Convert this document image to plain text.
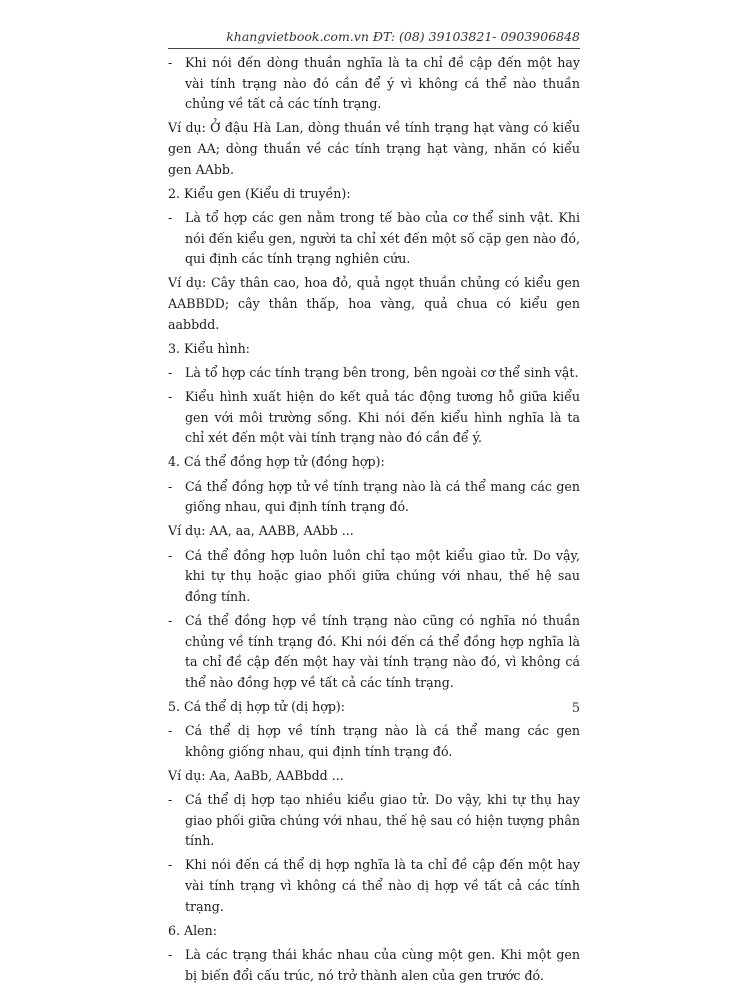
khangvietbook.com.vn ĐT: (08) 39103821- 0903906848
- Khi nói đến dòng thuần nghĩa là ta chỉ đề cập đến một hay vài tính trạng nào đó cần để ý vì không cá thể nào thuần chủng về tất cả các tính trạng.
Ví dụ: Ở đậu Hà Lan, dòng thuần về tính trạng hạt vàng có kiểu gen AA; dòng thuần về các tính trạng hạt vàng, nhăn có kiểu gen AAbb.
2. Kiểu gen (Kiểu di truyền):
- Là tổ hợp các gen nằm trong tế bào của cơ thể sinh vật. Khi nói đến kiểu gen, người ta chỉ xét đến một số cặp gen nào đó, qui định các tính trạng nghiên cứu.
Ví dụ: Cây thân cao, hoa đỏ, quả ngọt thuần chủng có kiểu gen AABBDD; cây thân thấp, hoa vàng, quả chua có kiểu gen aabbdd.
3. Kiểu hình:
- Là tổ hợp các tính trạng bên trong, bên ngoài cơ thể sinh vật.
- Kiểu hình xuất hiện do kết quả tác động tương hỗ giữa kiểu gen với môi trường sống. Khi nói đến kiểu hình nghĩa là ta chỉ xét đến một vài tính trạng nào đó cần để ý.
4. Cá thể đồng hợp tử (đồng hợp):
- Cá thể đồng hợp tử về tính trạng nào là cá thể mang các gen giống nhau, qui định tính trạng đó.
Ví dụ: AA, aa, AABB, AAbb ...
- Cá thể đồng hợp luôn luôn chỉ tạo một kiểu giao tử. Do vậy, khi tự thụ hoặc giao phối giữa chúng với nhau, thế hệ sau đồng tính.
- Cá thể đồng hợp về tính trạng nào cũng có nghĩa nó thuần chủng về tính trạng đó. Khi nói đến cá thể đồng hợp nghĩa là ta chỉ đề cập đến một hay vài tính trạng nào đó, vì không cá thể nào đồng hợp về tất cả các tính trạng.
5. Cá thể dị hợp tử (dị hợp):
- Cá thể dị hợp về tính trạng nào là cá thể mang các gen không giống nhau, qui định tính trạng đó.
Ví dụ: Aa, AaBb, AABbdd ...
- Cá thể dị hợp tạo nhiều kiểu giao tử. Do vậy, khi tự thụ hay giao phối giữa chúng với nhau, thế hệ sau có hiện tượng phân tính.
- Khi nói đến cá thể dị hợp nghĩa là ta chỉ đề cập đến một hay vài tính trạng vì không cá thể nào dị hợp về tất cả các tính trạng.
6. Alen:
- Là các trạng thái khác nhau của cùng một gen. Khi một gen bị biến đổi cấu trúc, nó trở thành alen của gen trước đó.
5
